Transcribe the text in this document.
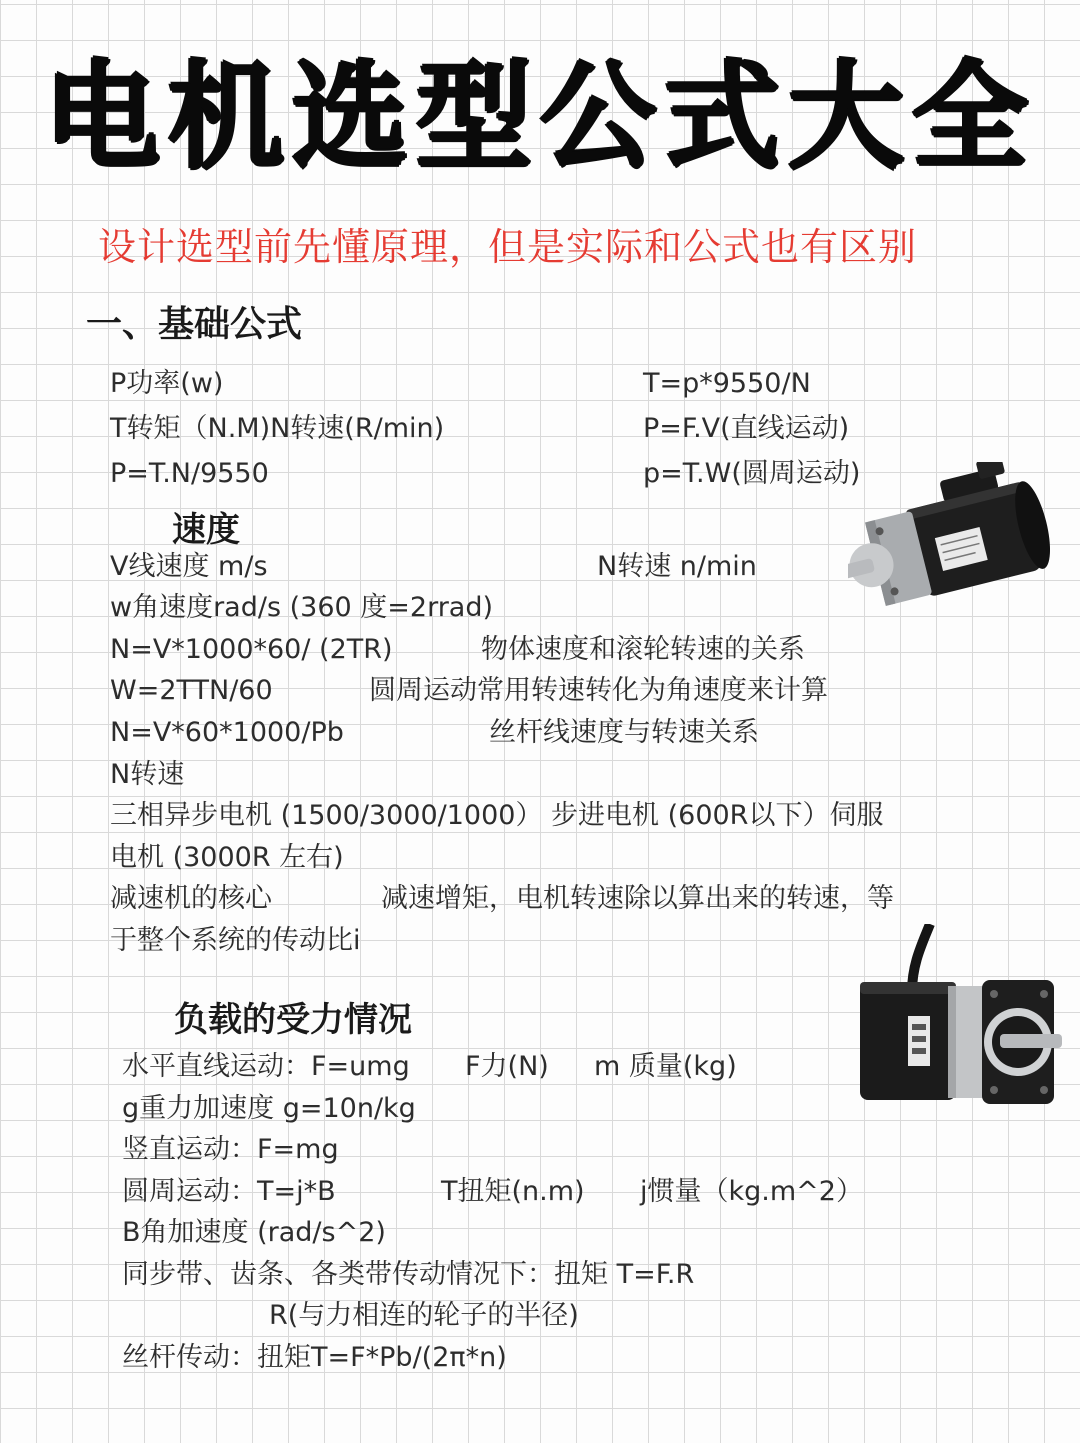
电机选型公式大全
设计选型前先懂原理，但是实际和公式也有区别
一、基础公式
P功率(w)	T=p*9550/N
T转矩（N.M)N转速(R/min)	P=F.V(直线运动)
P=T.N/9550	p=T.W(圆周运动)
速度
V线速度 m/s	N转速 n/min
w角速度rad/s (360 度=2rrad)
N=V*1000*60/ (2TR)	物体速度和滚轮转速的关系
W=2TTN/60	圆周运动常用转速转化为角速度来计算
N=V*60*1000/Pb	丝杆线速度与转速关系
N转速
三相异步电机 (1500/3000/1000） 步进电机 (600R以下）伺服
电机 (3000R 左右)
减速机的核心	减速增矩，电机转速除以算出来的转速，等
于整个系统的传动比i
负载的受力情况
水平直线运动：F=umg F力(N) m 质量(kg)
g重力加速度 g=10n/kg
竖直运动：F=mg
圆周运动：T=j*B	T扭矩(n.m) j惯量（kg.m^2）
B角加速度 (rad/s^2)
同步带、齿条、各类带传动情况下：扭矩 T=F.R
R(与力相连的轮子的半径)
丝杆传动：扭矩T=F*Pb/(2π*n)
